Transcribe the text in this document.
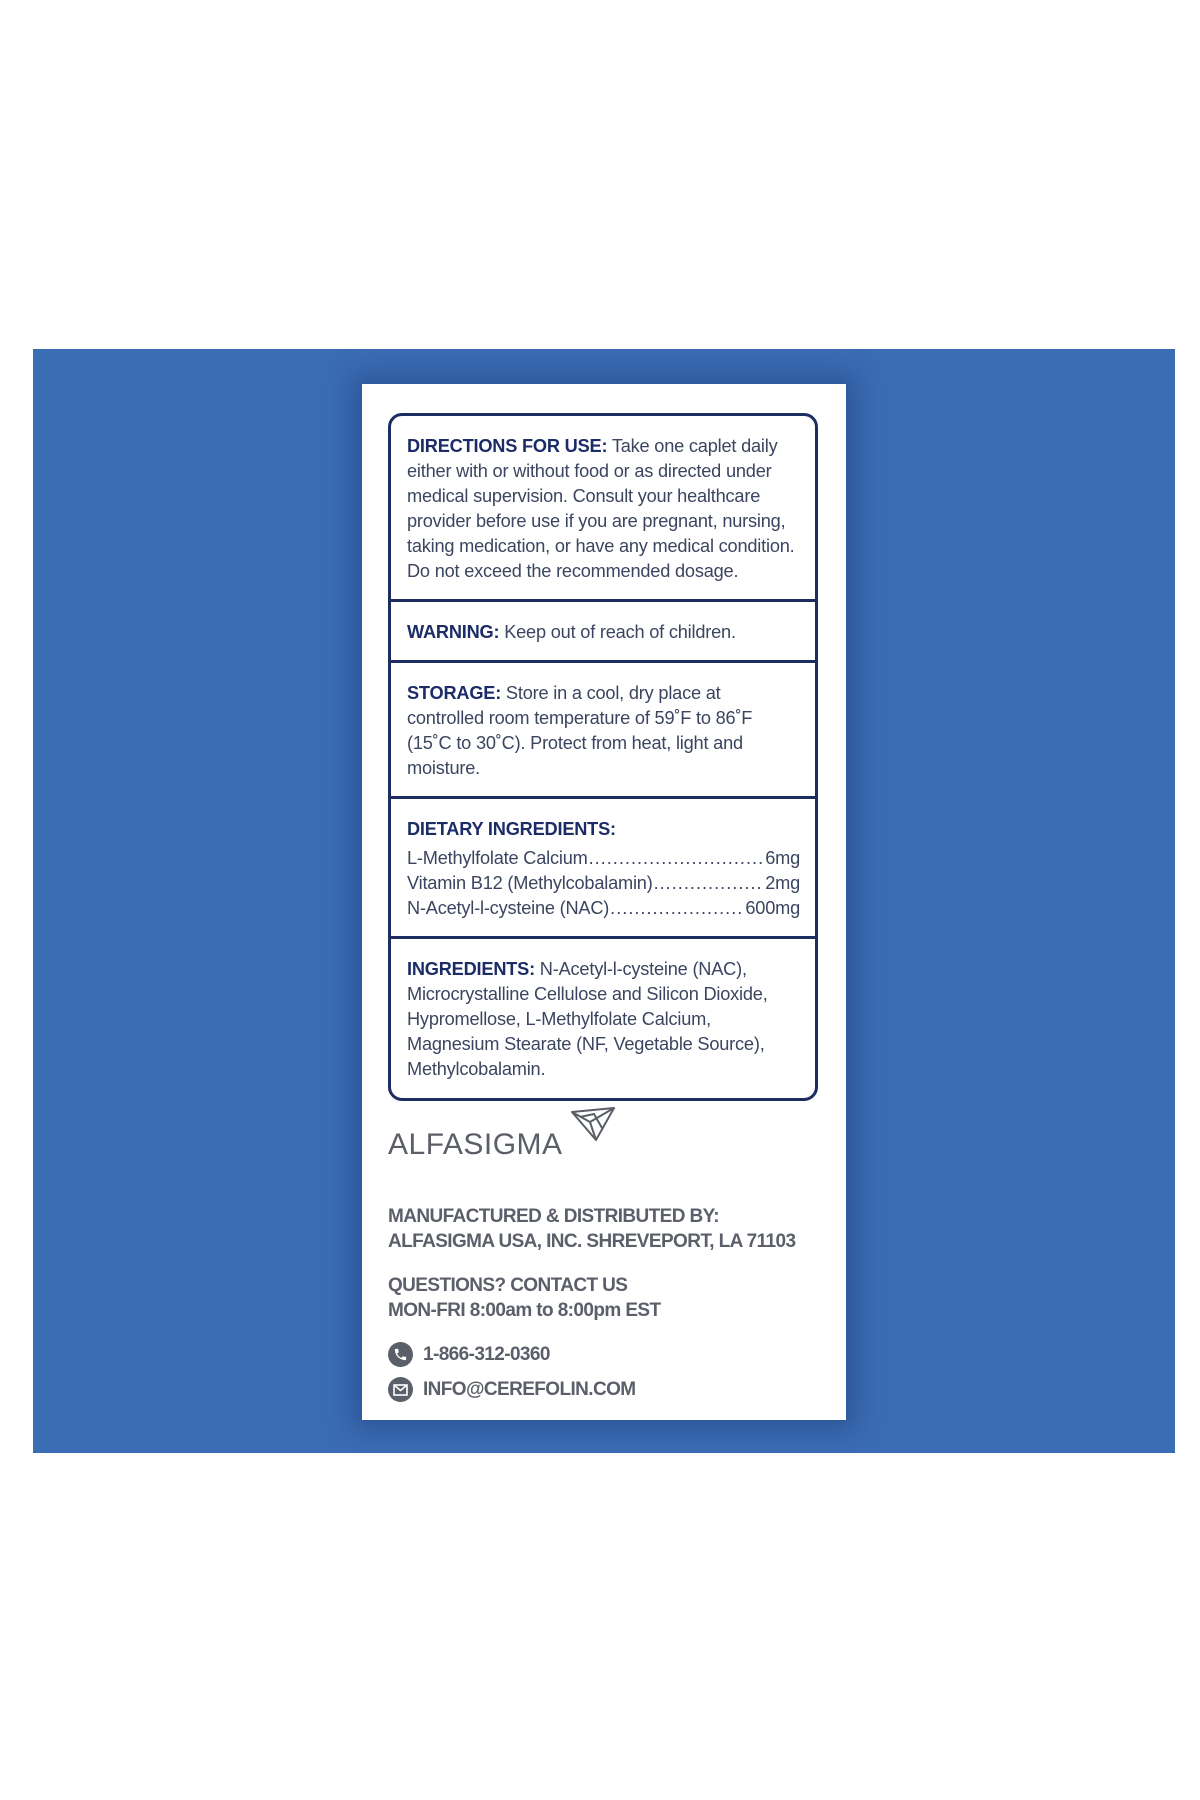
DIRECTIONS FOR USE: Take one caplet daily either with or without food or as directed under medical supervision. Consult your healthcare provider before use if you are pregnant, nursing, taking medication, or have any medical condition. Do not exceed the recommended dosage.
WARNING: Keep out of reach of children.
STORAGE: Store in a cool, dry place at controlled room temperature of 59˚F to 86˚F (15˚C to 30˚C). Protect from heat, light and moisture.
DIETARY INGREDIENTS:
L-Methylfolate Calcium .....	6mg
Vitamin B12 (Methylcobalamin) .....	2mg
N-Acetyl-l-cysteine (NAC) .....	600mg
INGREDIENTS: N-Acetyl-l-cysteine (NAC), Microcrystalline Cellulose and Silicon Dioxide, Hypromellose, L-Methylfolate Calcium, Magnesium Stearate (NF, Vegetable Source), Methylcobalamin.
ALFASIGMA
MANUFACTURED & DISTRIBUTED BY:
ALFASIGMA USA, INC. SHREVEPORT, LA 71103
QUESTIONS? CONTACT US
MON-FRI 8:00am to 8:00pm EST
1-866-312-0360
INFO@CEREFOLIN.COM
